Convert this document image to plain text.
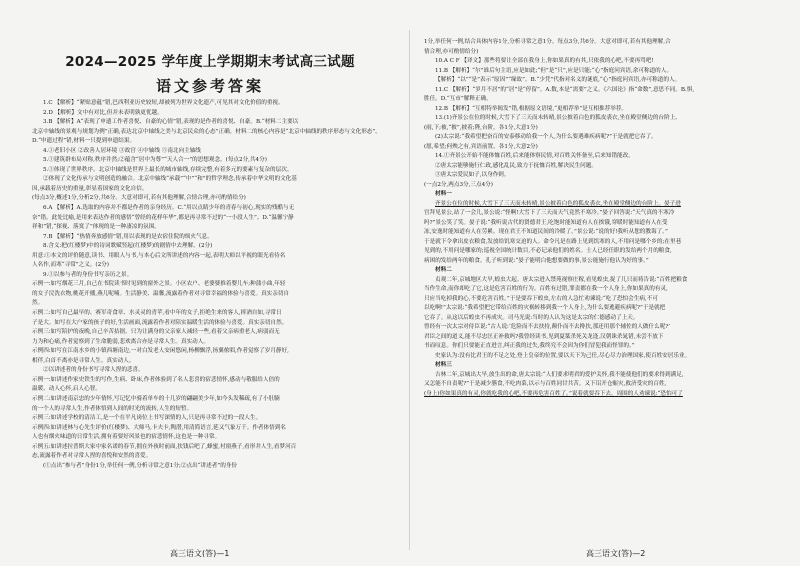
2024—2025 学年度上学期期末考试高三试题
语文参考答案
1.C 【解析】“紧贴意蕴”错,巴西利亚历史较短,却被列为世界文化遗产,可见其对文化价值的重视。
2.D 【解析】文中有对比,但并未表明孰更优越。
3.B 【解析】A“表现了申遗工作者喜悦、自豪的心情”错,表现的是作者的喜悦、自豪。B.“材料二主要以
北京中轴线的景观与规划为例”正确,表达北京中轴线之美与北京民众的心态”正确。材料二的核心内容是“北京中轴线的秩序形态与文化形态”。
D.“申遗过程”错,材料一只提到申遗结果。
4.①老旧小区 ②改善人居环境 ③故宫 ④中轴线 ⑤南北向主轴线
5.①建筑群布局对称,秩序井然;②蕴含“居中为尊”“天人合一”的思想观念。(每点2分,共4分)
5.①体现了世界秩序。北京中轴线是世界上最长的城市轴线,存续完整,有着多元的要素与复杂的层次。
②体现了文化传承与文明创造的融合。北京中轴线“承载”“中”“和”的哲学理念,传承着中华文明的文化基
因,承载着历史的重量,彰显着国家的文化自信。
(每点3分,概述1分,分析2分,共6分。大意对即可,若有其他理解,合情合理,亦可酌情给分)
6.A 【解析】A.选取的内容并不都是作者的亲身经历。C.“用以点睛少年的青春与初心,现实的残酷与无
奈”错。此处比喻,是用来表达作者的感悟“曾经的花样年华”,都是再寻常不过的“一小段人生”。D.“温馨宁静
祥和”错,“探视、落寞了”体现的是一种凄凉的氛围。
7.B 【解析】“热情奔放感情”错,用以表现的是农宿住院的烦火气息。
8.含义:把(红楼梦)中的诗词歌赋竖起(红楼梦)的剧情中去理解。(2分)
用意:①本文的评价随意,读书、用眼人与书,与本心后文所讲述的内容一起,表明大师以平视的眼光看待名
人名作,而寒“寻常”之义。(2分)
9.①以参与者的身份书写亲历之景。
示例一:如写烟花三月,自己在书院读书时见到的窗外之景。小区农户、老婆婆推着婴儿车;种蒲小曲,年轻
的女子浣洗衣物,桃花开播,燕儿呢喃。生活静美、温馨,流露着作者对寻常幸福的体验与喜爱。真实亲切自
然。
示例二:如写自己最早的、赛军奇食章、水灵灵的青苹,看中年的女子,拒绝生来的客人,摔酒自如,寻常日
子是大。如写在大户家的孩子的好,生活画面,流露着作者对陪实温暖生活的体验与喜爱。真实亲切自然。
示例三:如写陪护的夜晚,自己辛苦拮据。只为让满身的父亲家人减轻一些,看着父亲病重老人,病弱而无
力为和心痛,作者觉察到了生命脆弱,悲欢离合亦是寻常人生。真实动人。
示例四:如写在江南水乡的小镇西塘南边,一对白发老人安闲悠闲,杨柳飘浮,扬翼侬唱,作者觉察了岁月静好,
相伴,白首不离亦是寻常人生。真实动人。
②以讲述者的身份书写寻常人捏的悲喜。
示例一:如讲述作家史铁生的写作,生病、卧床,作者体验到了名人悲喜的宿悲情怀,感动与敬服给人倍的
温暖、动人心怀,启人心智。
示例二:如讲述南京忠的少年情怀,写记忆中骑着单车的十几岁的翩翩美少年,如今头发稀疏,有了小肚腩
的一个人的寻常人生,作者体悟到人间的时光的流转,人生的短暂。
示例三:如讲述学校的清洁工,是一个在平凡岗位上书写深情的人,只是再寻常不过的一段人生。
示例四:如讲述林与心先生评价(红楼梦)、大师马,卡夫卡,陶潜,用清简语言,延又气象万千。作者体悟到名
人也有烟火味道的日常生活,拥有着要好风景也的宿悲情怀,这也是一种寻常。
示例五:如讲述拉普斯大家中家名诺的春节,拥在外孩时前面,扶钱后吧了,蜂蜜,衬窗燕子,看形井人生,看梦河百
态,流露着作者对寻常人捏的喜悦和安然的喜爱。
(①点出“参与者”身份1分,举任何一例,分析寻常之意1分;②点出“讲述者”的身份
1分,举任何一例,结合具体内容1分,分析寻常之意1分。每点3分,共6分。大意对即可,若有其他理解,合
情合理,亦可酌情给分)
10.A C F 【译文】那些将要让全部在我身上,你如果真的有其,只依我的心吧,不要再骂吧!
11.B 【解析】“尔”谁后句主语,应是如此;“但”是“只”,应是只能;“心”指庭问宾语,余可称道的人。
【解析】“以”“是”表示“原因”“缘故”。B.“少凭”代指对名义的谜底,“心”指庭问宾语,亦可称道的人。
11.C 【解析】“岁月不居”的“居”是“停留”。A.数,本是“需要”之义。《六国论》指“命数”,意思不同。B.惧,
胜任。D.“互市”解释正确。
12.B 【解析】“互相特举揭发”错,根据原文语境,“更相荐举”是互相推荐举荐。
13.(1)齐景公在位的时候,大雪下了三天而未转晴,景公披着白色的狐皮裘衣,坐在殿堂侧边的台阶上。
(雨,下;被,“披”,披着;陛,台阶。各1分,大意1分)
(2)太宗说:“我希望把奋百的安泰移动给我一个人,为什么要遇难疾病呢?”于是就把它吞了。
(愿,希望;何殃之有,宾语前置。各1分,大意2分)
14.①齐景公开始不能体恤百姓,后来能体察民情,对百姓关怀备至,后来知错能改。
②唐太宗能够施行仁政,感化乱民,致力于抚恤百姓,解决民生问题。
③唐太宗爱民如子,以身作则。
(一点2分,两点3分,三点4分)
材料一
齐景公在位的时候,大雪下了三天而未转晴,景公披着白色的狐皮裘衣,坐在殿堂侧边的台阶上。晏子进
宫拜见景公,站了一会儿,景公说:“怪啊!大雪下了三天而天气竟然不寒冷。”晏子回答说:“天气真的不寒冷
吗?”景公笑了笑。晏子说:“我听说古代的贤德君王,吃饱时能知道有人在挨饿,穿暖时能知道有人在受
冻,安逸时能知道有人在劳累。现在君王不知道民间的冷暖了。”景公说:“说的好!我听从您的教诲了。”
于是就下令拿出皮衣粮食,发放给饥寒交迫的人。命令凡是在路上见到饥寒的人,不用问是哪个乡的;在里巷
见到的,不用问是哪家的;巡视全国统计数目,不必记录他们的姓名。士人已经任职的发给两个月的粮食,
病困的发给两年的粮食。孔子听到说:“晏子能明白他想要做的事,景公能施行他认为好的事。”
材料二
贞观二年,京城地区大旱,蝗虫大起。唐太宗进入禁苑视察庄稼,看见蝗虫,捉了几只而祷告说:“百姓把粮食
当作生命,而你却吃了它,这是危害百姓的行为。百姓有过错,罪责都在我一个人身上,你如果真的有灵,
只应当吃掉我的心,不要危害百姓。”于是要吞下蝗虫,左右的人急忙劝谏说:“吃了恐怕会生病,不可
以吃啊!”太宗说:“我希望把它带给百姓的灾祸转移到我一个人身上,为什么要逃避疾病呢?”于是就把
它吞了。从这以后蝗虫不再成灾。司马光说:当时的人认为这是太宗的仁德感动了上天。
曾经有一次太宗对侍臣说:“古人说:‘危险而不去扶持,颠仆而不去搀扶,那还用那个辅佐的人做什么呢?’
君臣之间的道义,能不尽忠匡正补救吗?我曾经读书,见到夏桀杀死关龙逢,汉朝诛杀晁错,未尝不放下
书而叹息。你们只要能正直进言,纠正我的过失,我终究不会因为你们冒犯我而怪罪的。”
史家认为:没有比君王的不足之处,登上皇帝的位置,要以天下为己任,尽心尽力治理国家,使百姓安居乐业。
材料三
吉林二年,京城出大旱,放生出的命,唐太宗说:“人们要求明君的爱护关怀,我不能使他们的要求得到满足,
又怎能不自责呢?”于是减少膳食,不吃肉菜,以示与百姓同甘共苦。又下诏开仓赈灾,救济受灾的百姓,
(身上)你如果真的有灵,你就吃我的心吧,不要再危害百姓了。”说着就要吞下去。周围的人劝谏说:“恐怕可了
高三语文(答)—1	高三语文(答)—2
